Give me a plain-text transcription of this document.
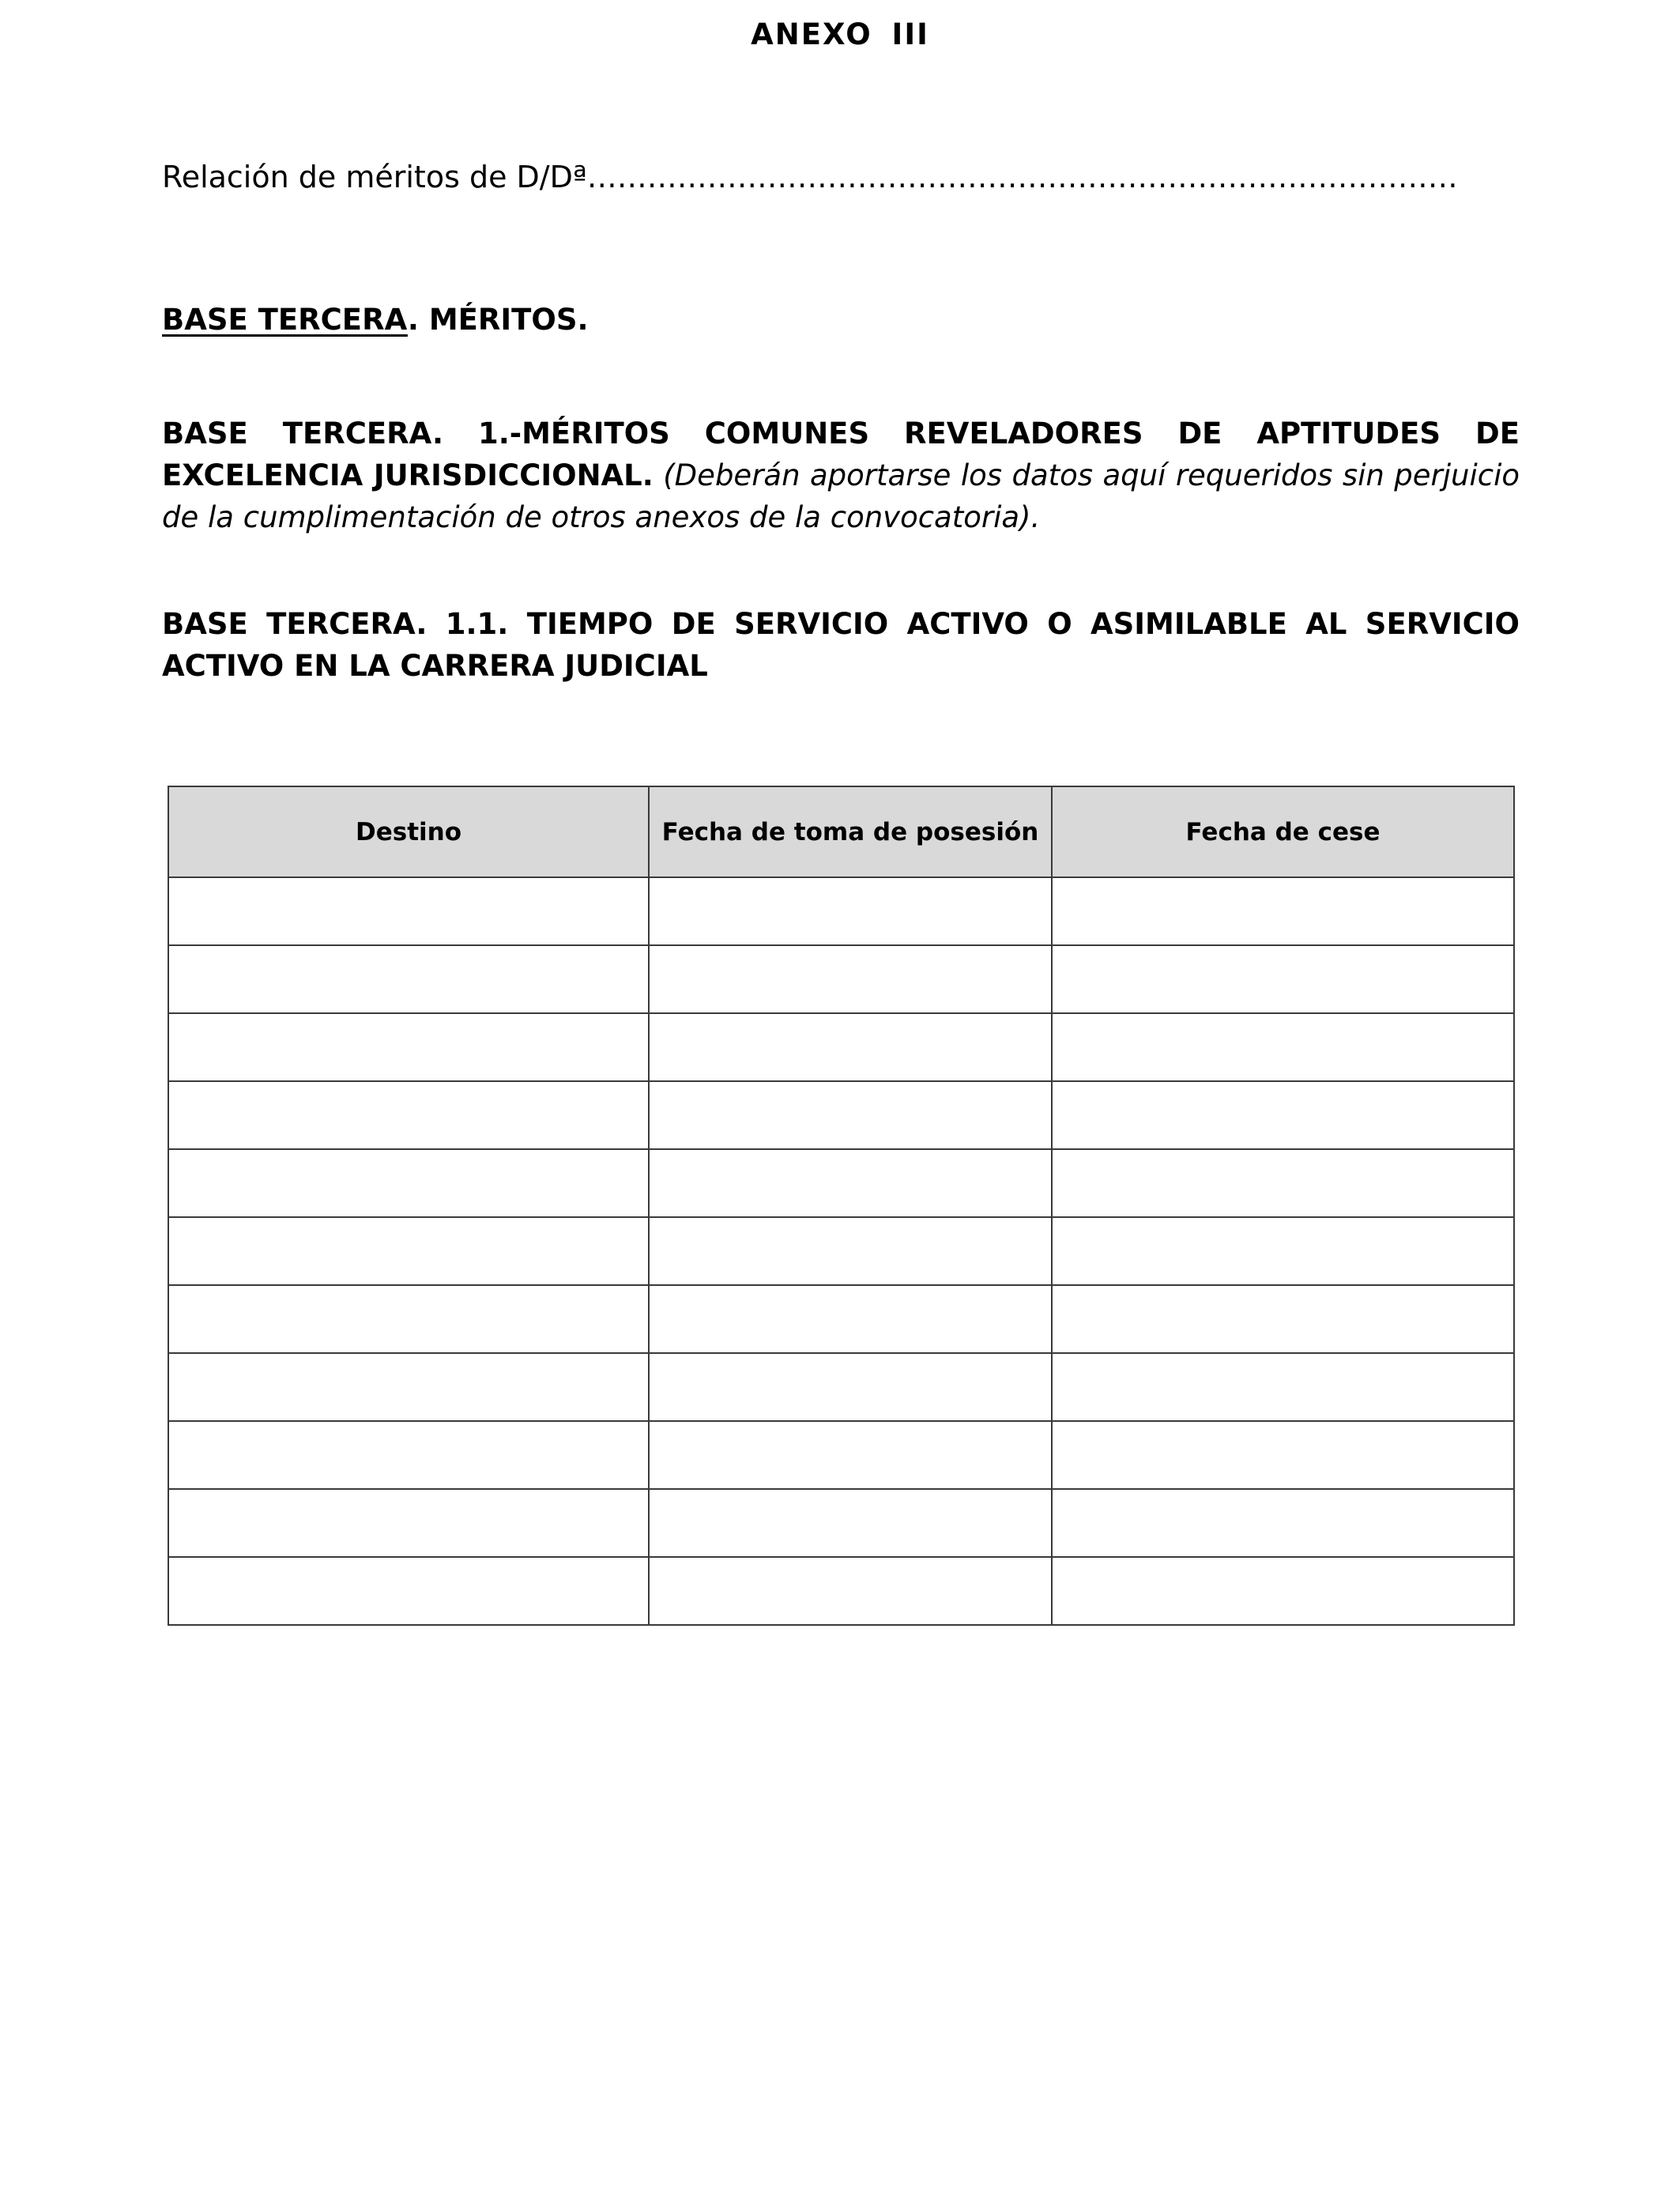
ANEXO III
Relación de méritos de D/Dª……………………………………………………………………………
BASE TERCERA. MÉRITOS.
BASE TERCERA. 1.-MÉRITOS COMUNES REVELADORES DE APTITUDES DE EXCELENCIA JURISDICCIONAL. (Deberán aportarse los datos aquí requeridos sin perjuicio de la cumplimentación de otros anexos de la convocatoria).
BASE TERCERA. 1.1. TIEMPO DE SERVICIO ACTIVO O ASIMILABLE AL SERVICIO ACTIVO EN LA CARRERA JUDICIAL
Destino	Fecha de toma de posesión	Fecha de cese
